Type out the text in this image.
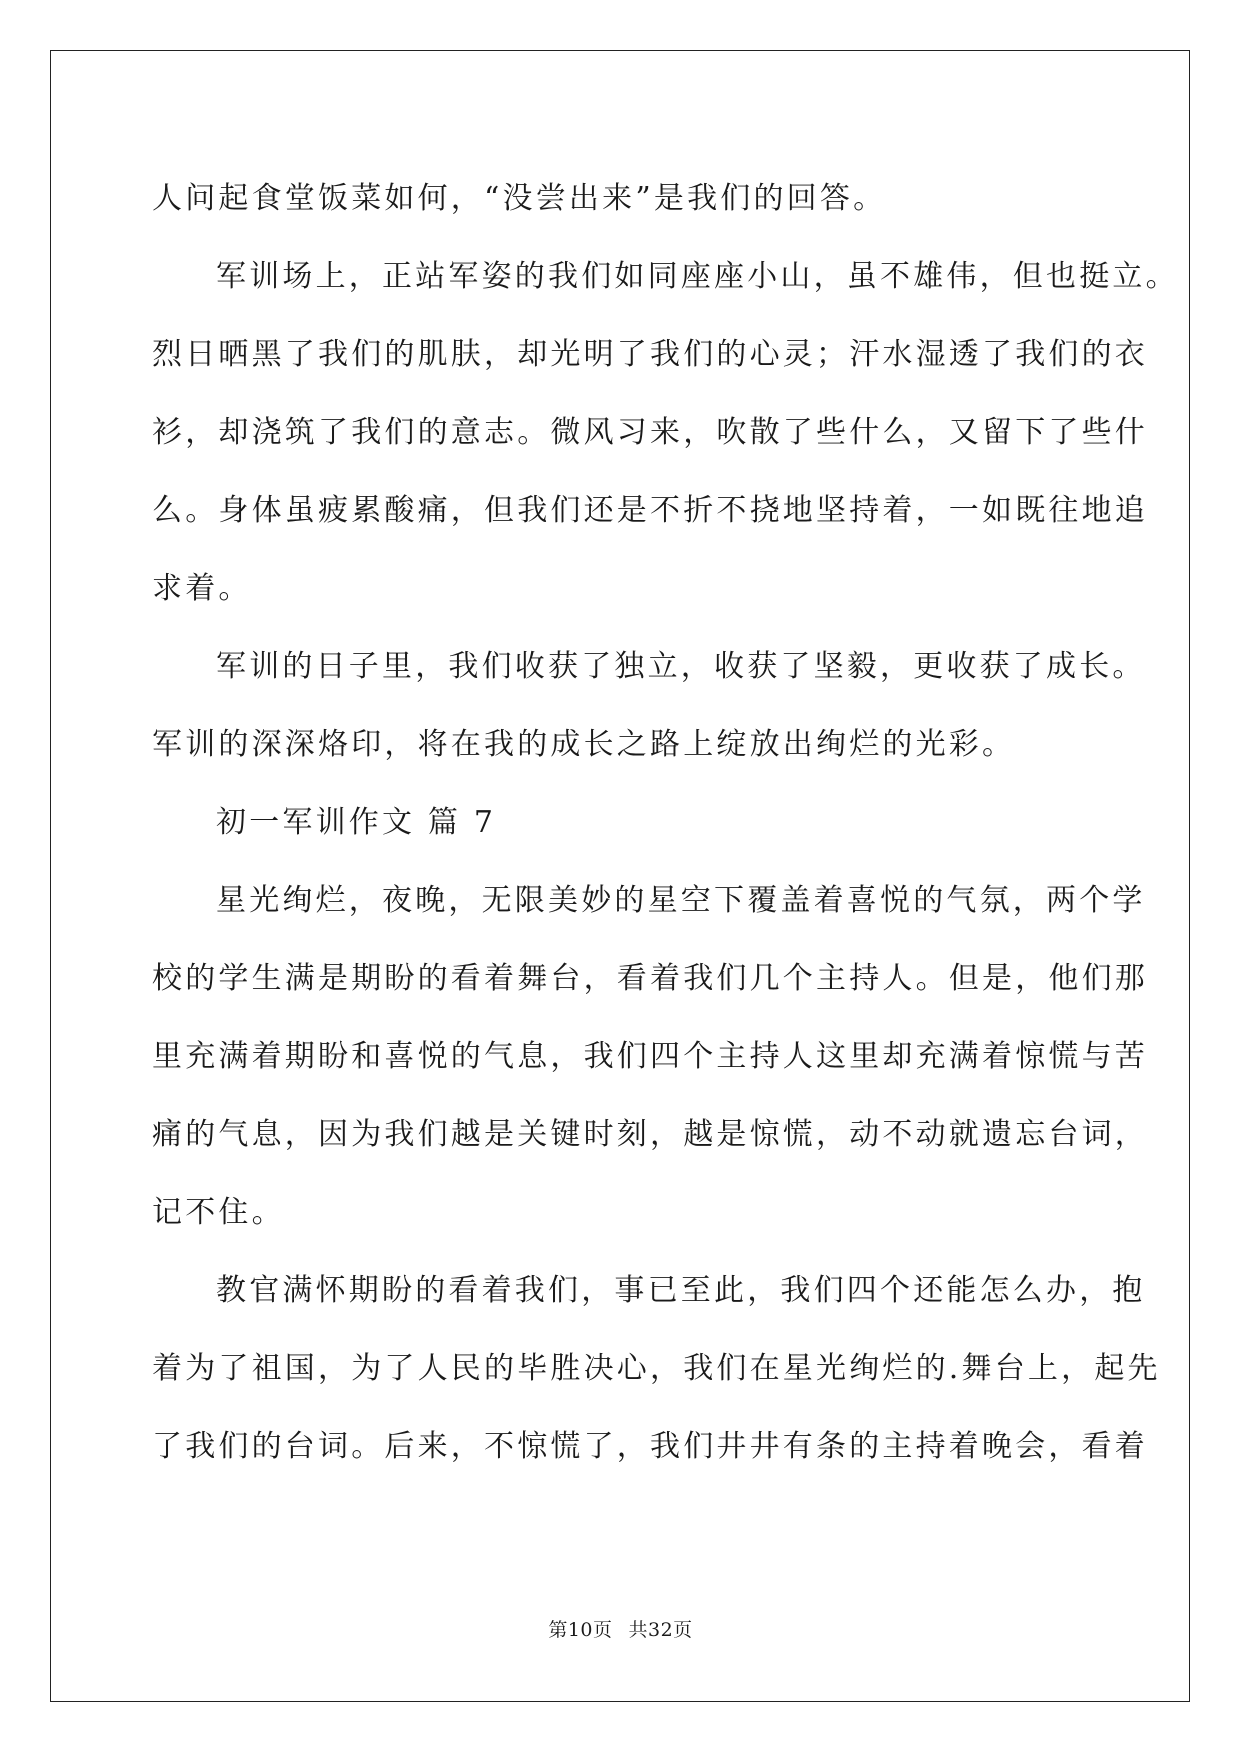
人问起食堂饭菜如何，“没尝出来”是我们的回答。

军训场上，正站军姿的我们如同座座小山，虽不雄伟，但也挺立。

烈日晒黑了我们的肌肤，却光明了我们的心灵；汗水湿透了我们的衣

衫，却浇筑了我们的意志。微风习来，吹散了些什么，又留下了些什

么。身体虽疲累酸痛，但我们还是不折不挠地坚持着，一如既往地追

求着。

军训的日子里，我们收获了独立，收获了坚毅，更收获了成长。

军训的深深烙印，将在我的成长之路上绽放出绚烂的光彩。

初一军训作文 篇 7

星光绚烂，夜晚，无限美妙的星空下覆盖着喜悦的气氛，两个学

校的学生满是期盼的看着舞台，看着我们几个主持人。但是，他们那

里充满着期盼和喜悦的气息，我们四个主持人这里却充满着惊慌与苦

痛的气息，因为我们越是关键时刻，越是惊慌，动不动就遗忘台词，

记不住。

教官满怀期盼的看着我们，事已至此，我们四个还能怎么办，抱

着为了祖国，为了人民的毕胜决心，我们在星光绚烂的.舞台上，起先

了我们的台词。后来，不惊慌了，我们井井有条的主持着晚会，看着

第10页 共32页
